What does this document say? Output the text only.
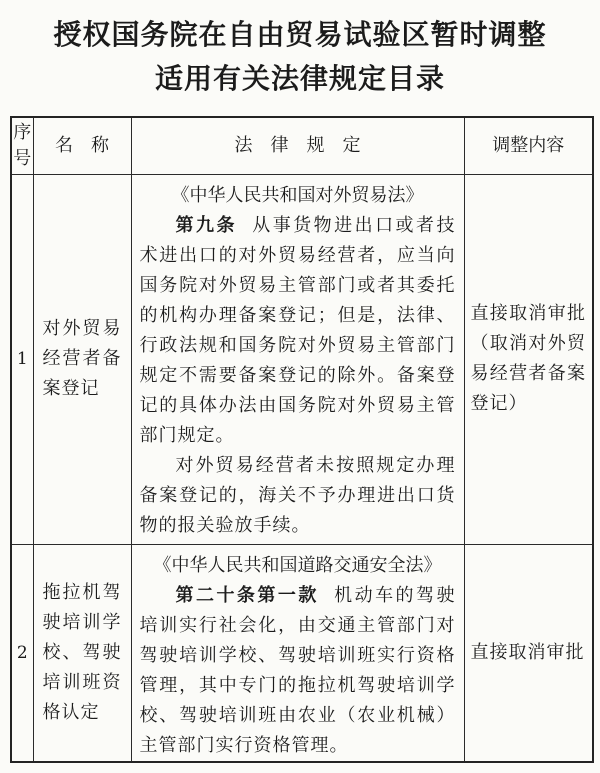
授权国务院在自由贸易试验区暂时调整
适用有关法律规定目录
序号	名　称	法　律　规　定	调整内容
1	对外贸易经营者备案登记	《中华人民共和国对外贸易法》

第九条 从事货物进出口或者技术进出口的对外贸易经营者，应当向国务院对外贸易主管部门或者其委托的机构办理备案登记；但是，法律、行政法规和国务院对外贸易主管部门规定不需要备案登记的除外。备案登记的具体办法由国务院对外贸易主管部门规定。

对外贸易经营者未按照规定办理备案登记的，海关不予办理进出口货物的报关验放手续。	直接取消审批（取消对外贸易经营者备案登记）
2	拖拉机驾驶培训学校、驾驶培训班资格认定	《中华人民共和国道路交通安全法》

第二十条第一款 机动车的驾驶培训实行社会化，由交通主管部门对驾驶培训学校、驾驶培训班实行资格管理，其中专门的拖拉机驾驶培训学校、驾驶培训班由农业（农业机械）主管部门实行资格管理。	直接取消审批
